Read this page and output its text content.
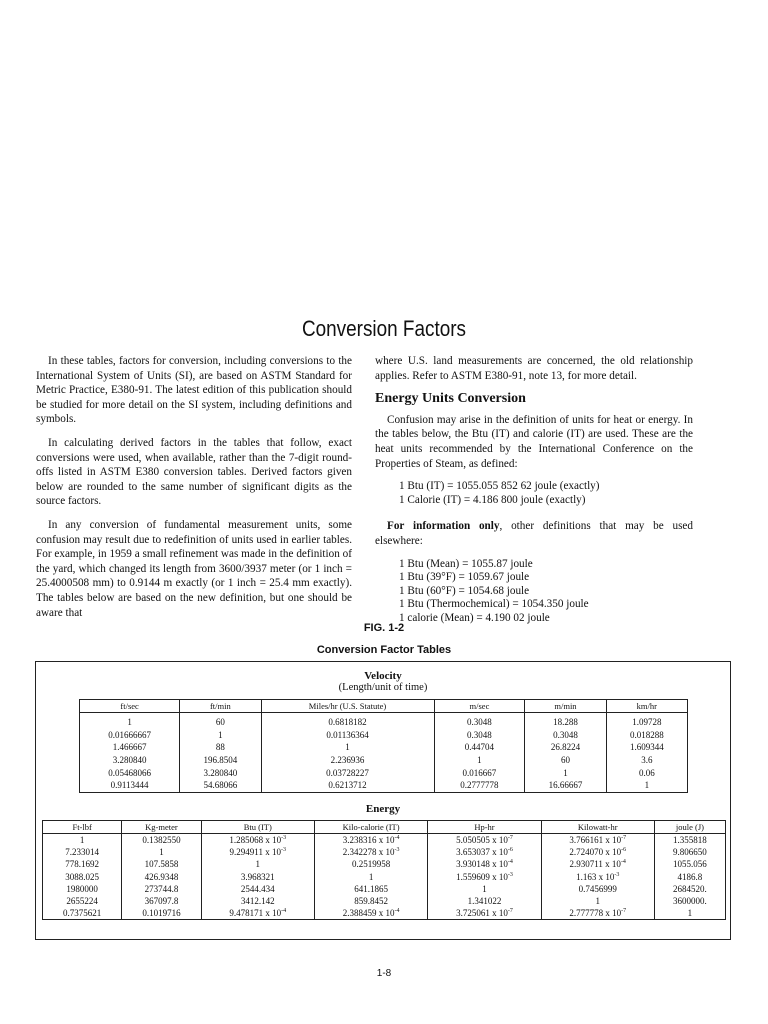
Conversion Factors

In these tables, factors for conversion, including conversions to the International System of Units (SI), are based on ASTM Standard for Metric Practice, E380-91. The latest edition of this publication should be studied for more detail on the SI system, including definitions and symbols.

In calculating derived factors in the tables that follow, exact conversions were used, when available, rather than the 7-digit round-offs listed in ASTM E380 conversion tables. Derived factors given below are rounded to the same number of significant digits as the source factors.

In any conversion of fundamental measurement units, some confusion may result due to redefinition of units used in earlier tables. For example, in 1959 a small refinement was made in the definition of the yard, which changed its length from 3600/3937 meter (or 1 inch = 25.4000508 mm) to 0.9144 m exactly (or 1 inch = 25.4 mm exactly). The tables below are based on the new definition, but one should be aware that

where U.S. land measurements are concerned, the old relationship applies. Refer to ASTM E380-91, note 13, for more detail.

Energy Units Conversion

Confusion may arise in the definition of units for heat or energy. In the tables below, the Btu (IT) and calorie (IT) are used. These are the heat units recommended by the International Conference on the Properties of Steam, as defined:

1 Btu (IT) = 1055.055 852 62 joule (exactly)
1 Calorie (IT) = 4.186 800 joule (exactly)

For information only, other definitions that may be used elsewhere:

1 Btu (Mean) = 1055.87 joule
1 Btu (39°F) = 1059.67 joule
1 Btu (60°F) = 1054.68 joule
1 Btu (Thermochemical) = 1054.350 joule
1 calorie (Mean) = 4.190 02 joule
FIG. 1-2
Conversion Factor Tables
Velocity
(Length/unit of time)
ft/sec	ft/min	Miles/hr (U.S. Statute)	m/sec	m/min	km/hr
1	60	0.6818182	0.3048	18.288	1.09728
0.01666667	1	0.01136364	0.3048	0.3048	0.018288
1.466667	88	1	0.44704	26.8224	1.609344
3.280840	196.8504	2.236936	1	60	3.6
0.05468066	3.280840	0.03728227	0.016667	1	0.06
0.9113444	54.68066	0.6213712	0.2777778	16.66667	1
Energy
Ft-lbf	Kg-meter	Btu (IT)	Kilo-calorie (IT)	Hp-hr	Kilowatt-hr	joule (J)
1	0.1382550	1.285068 x $10^{-3}$	3.238316 x $10^{-4}$	5.050505 x $10^{-7}$	3.766161 x $10^{-7}$	1.355818
7.233014	1	9.294911 x $10^{-3}$	2.342278 x $10^{-3}$	3.653037 x $10^{-6}$	2.724070 x $10^{-6}$	9.806650
778.1692	107.5858	1	0.2519958	3.930148 x $10^{-4}$	2.930711 x $10^{-4}$	1055.056
3088.025	426.9348	3.968321	1	1.559609 x $10^{-3}$	1.163 x $10^{-3}$	4186.8
1980000	273744.8	2544.434	641.1865	1	0.7456999	2684520.
2655224	367097.8	3412.142	859.8452	1.341022	1	3600000.
0.7375621	0.1019716	9.478171 x $10^{-4}$	2.388459 x $10^{-4}$	3.725061 x $10^{-7}$	2.777778 x $10^{-7}$	1
1-8
